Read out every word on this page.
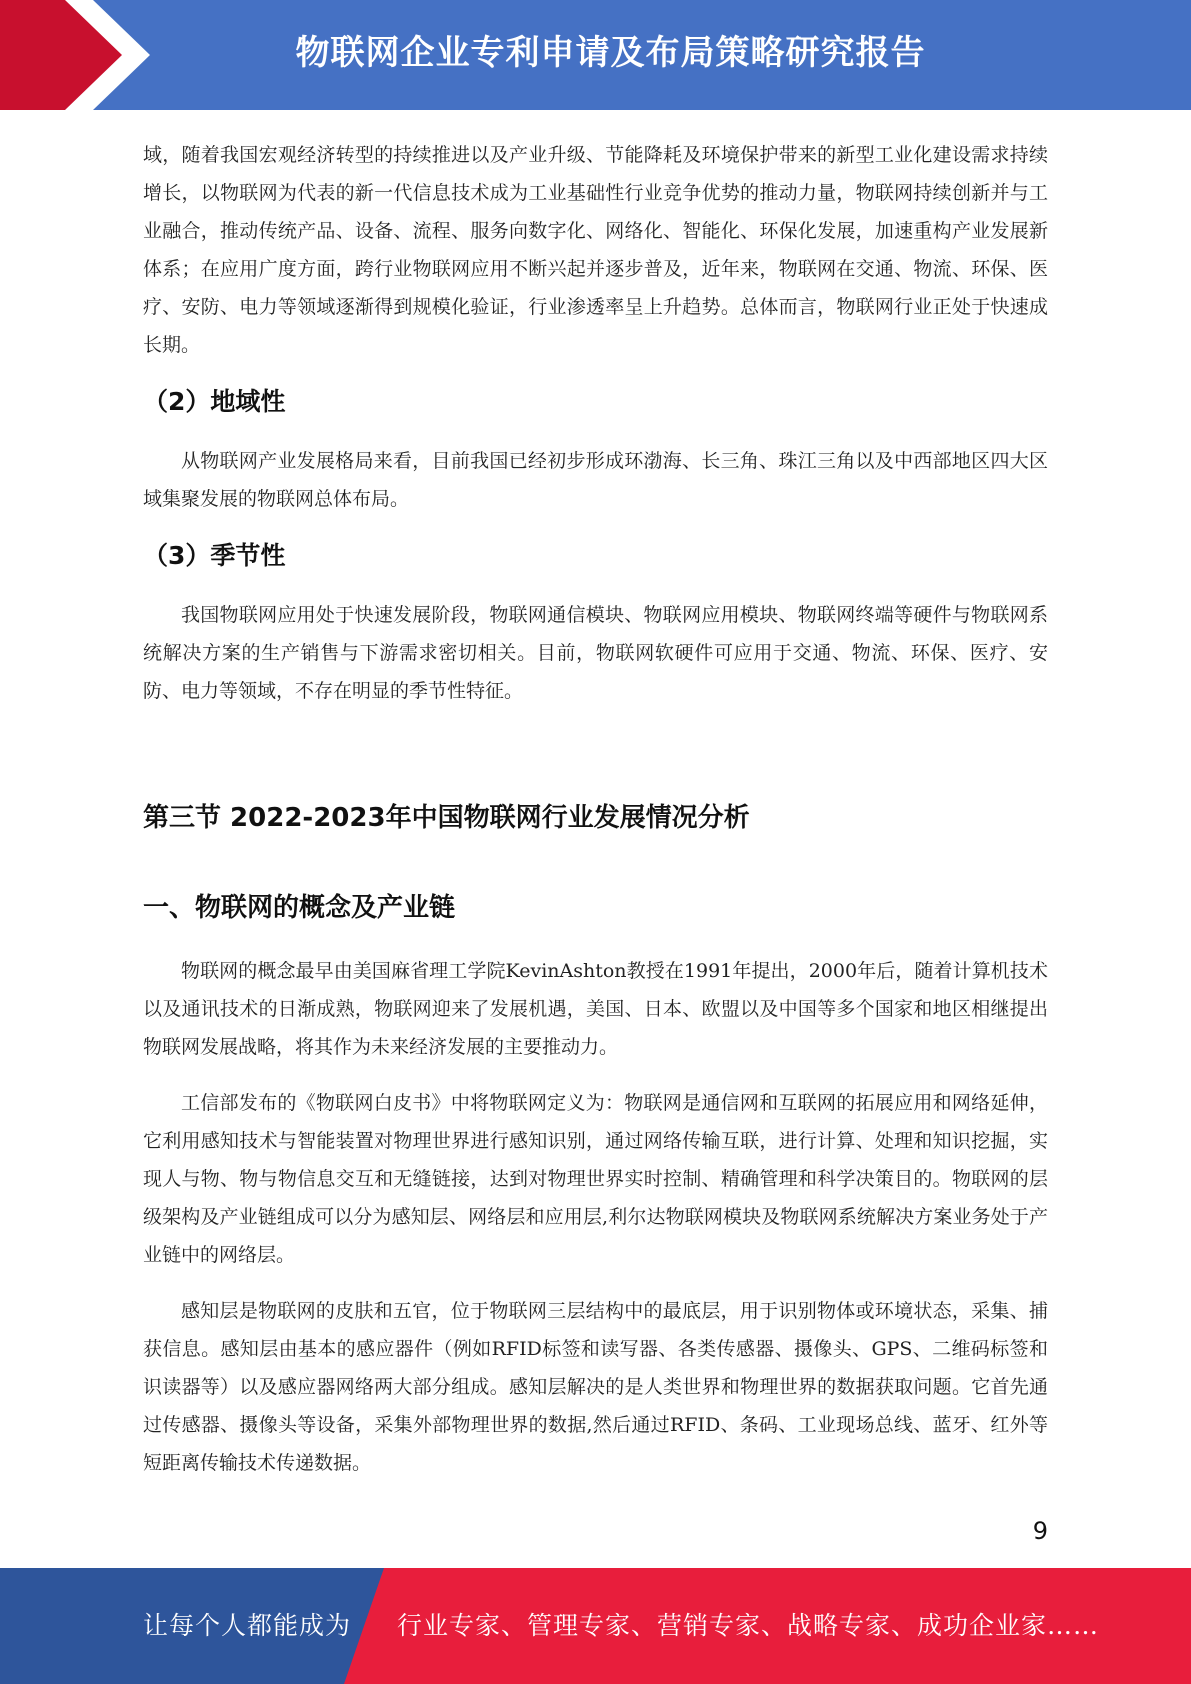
物联网企业专利申请及布局策略研究报告

域，随着我国宏观经济转型的持续推进以及产业升级、节能降耗及环境保护带来的新型工业化建设需求持续增长，以物联网为代表的新一代信息技术成为工业基础性行业竞争优势的推动力量，物联网持续创新并与工业融合，推动传统产品、设备、流程、服务向数字化、网络化、智能化、环保化发展，加速重构产业发展新体系；在应用广度方面，跨行业物联网应用不断兴起并逐步普及，近年来，物联网在交通、物流、环保、医疗、安防、电力等领域逐渐得到规模化验证，行业渗透率呈上升趋势。总体而言，物联网行业正处于快速成长期。

（2）地域性

从物联网产业发展格局来看，目前我国已经初步形成环渤海、长三角、珠江三角以及中西部地区四大区域集聚发展的物联网总体布局。

（3）季节性

我国物联网应用处于快速发展阶段，物联网通信模块、物联网应用模块、物联网终端等硬件与物联网系统解决方案的生产销售与下游需求密切相关。目前，物联网软硬件可应用于交通、物流、环保、医疗、安防、电力等领域，不存在明显的季节性特征。

第三节 2022-2023年中国物联网行业发展情况分析
一、物联网的概念及产业链

物联网的概念最早由美国麻省理工学院KevinAshton教授在1991年提出，2000年后，随着计算机技术以及通讯技术的日渐成熟，物联网迎来了发展机遇，美国、日本、欧盟以及中国等多个国家和地区相继提出物联网发展战略，将其作为未来经济发展的主要推动力。

工信部发布的《物联网白皮书》中将物联网定义为：物联网是通信网和互联网的拓展应用和网络延伸，它利用感知技术与智能装置对物理世界进行感知识别，通过网络传输互联，进行计算、处理和知识挖掘，实现人与物、物与物信息交互和无缝链接，达到对物理世界实时控制、精确管理和科学决策目的。物联网的层级架构及产业链组成可以分为感知层、网络层和应用层,利尔达物联网模块及物联网系统解决方案业务处于产业链中的网络层。

感知层是物联网的皮肤和五官，位于物联网三层结构中的最底层，用于识别物体或环境状态，采集、捕获信息。感知层由基本的感应器件（例如RFID标签和读写器、各类传感器、摄像头、GPS、二维码标签和识读器等）以及感应器网络两大部分组成。感知层解决的是人类世界和物理世界的数据获取问题。它首先通过传感器、摄像头等设备，采集外部物理世界的数据,然后通过RFID、条码、工业现场总线、蓝牙、红外等短距离传输技术传递数据。

9
让每个人都能成为 行业专家、管理专家、营销专家、战略专家、成功企业家……
